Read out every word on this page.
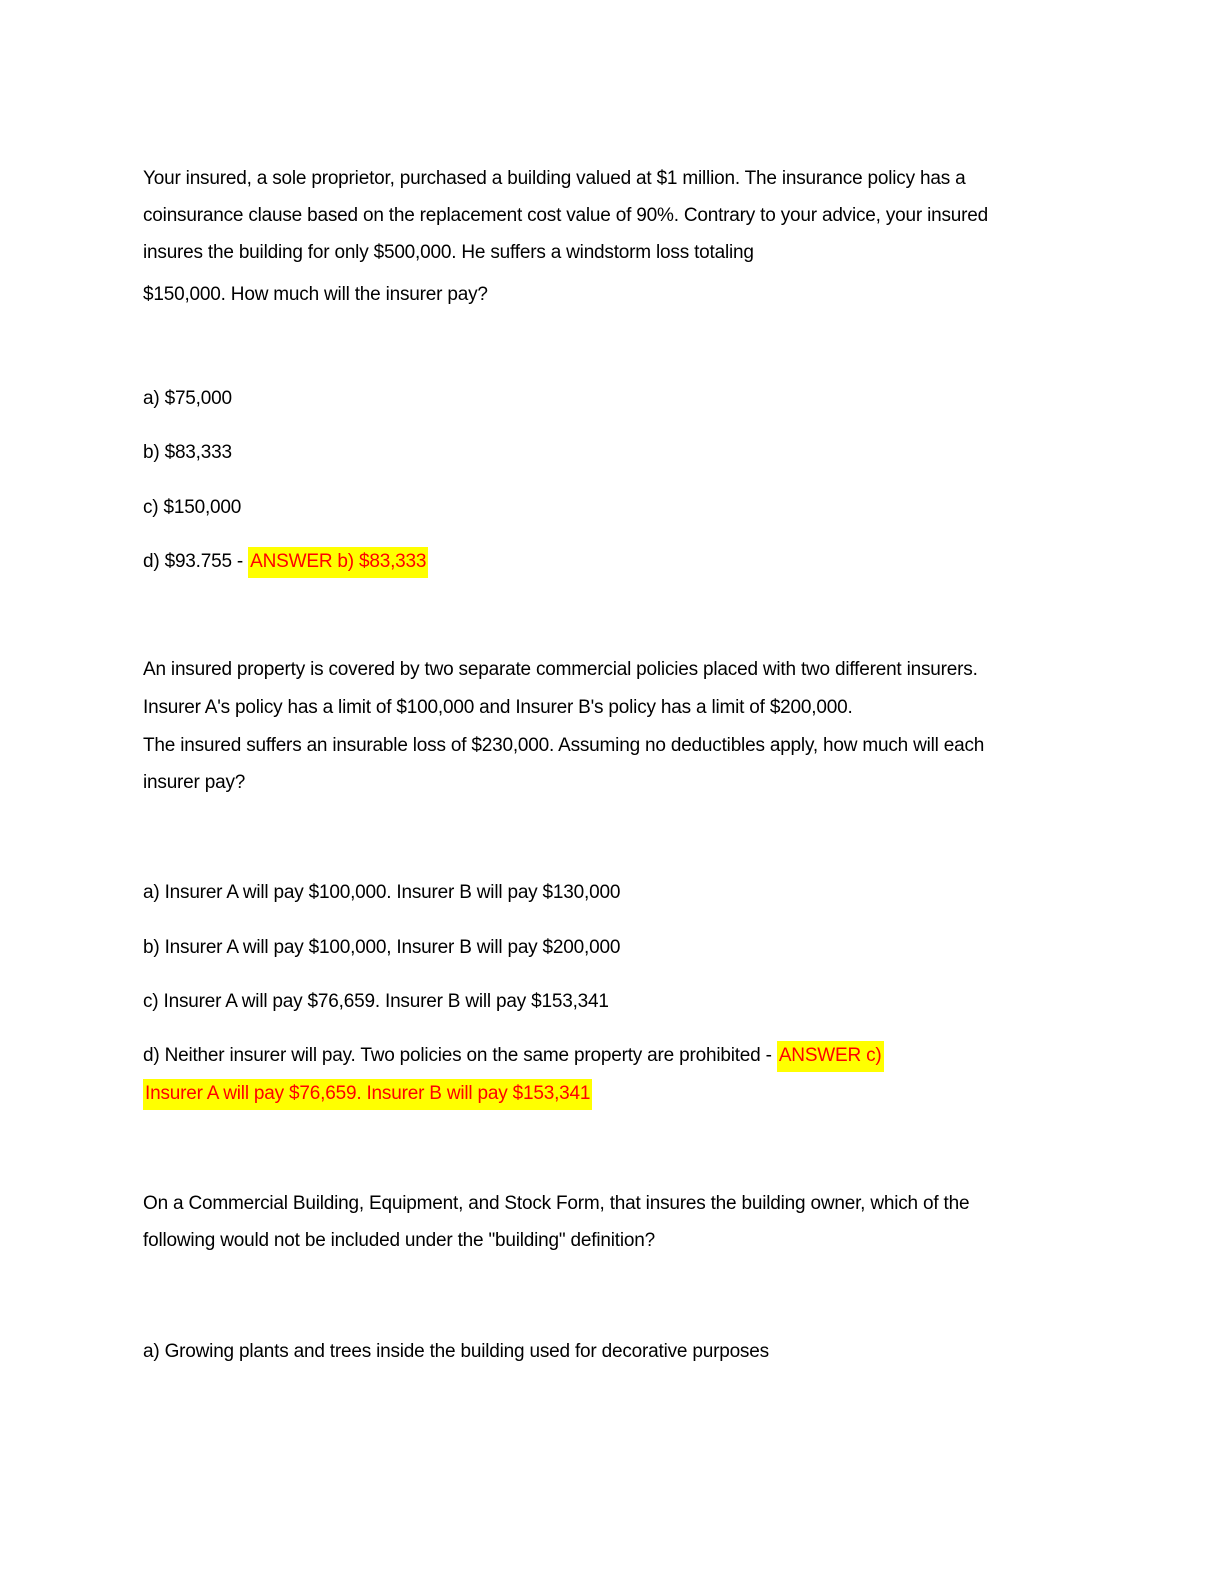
Your insured, a sole proprietor, purchased a building valued at $1 million. The insurance policy has a
coinsurance clause based on the replacement cost value of 90%. Contrary to your advice, your insured
insures the building for only $500,000. He suffers a windstorm loss totaling
$150,000. How much will the insurer pay?
a) $75,000
b) $83,333
c) $150,000
d) $93.755 - ANSWER b) $83,333
An insured property is covered by two separate commercial policies placed with two different insurers.
Insurer A's policy has a limit of $100,000 and Insurer B's policy has a limit of $200,000.
The insured suffers an insurable loss of $230,000. Assuming no deductibles apply, how much will each
insurer pay?
a) Insurer A will pay $100,000. Insurer B will pay $130,000
b) Insurer A will pay $100,000, Insurer B will pay $200,000
c) Insurer A will pay $76,659. Insurer B will pay $153,341
d) Neither insurer will pay. Two policies on the same property are prohibited - ANSWER c)
Insurer A will pay $76,659. Insurer B will pay $153,341
On a Commercial Building, Equipment, and Stock Form, that insures the building owner, which of the
following would not be included under the "building" definition?
a) Growing plants and trees inside the building used for decorative purposes
